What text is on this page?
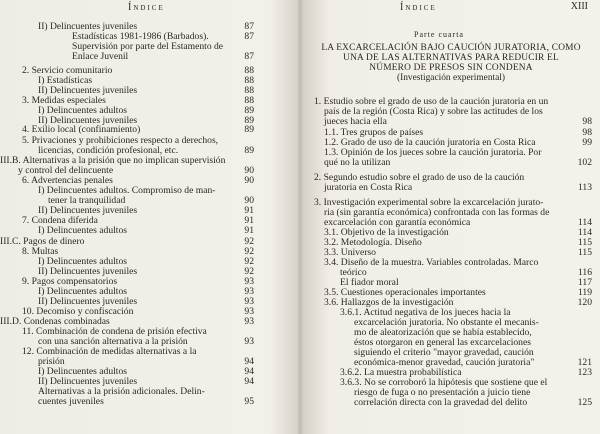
Índice
II) Delincuentes juveniles	87
Estadísticas 1981-1986 (Barbados).	87
Supervisión por parte del Estamento de
Enlace Juvenil	87
2. Servicio comunitario	88
I) Estadísticas	88
II) Delincuentes juveniles	88
3. Medidas especiales	88
I) Delincuentes adultos	89
II) Delincuentes juveniles	89
4. Exilio local (confinamiento)	89
5. Privaciones y prohibiciones respecto a derechos,
licencias, condición profesional, etc.	89
III.B. Alternativas a la prisión que no implican supervisión
y control del delincuente	90
6. Advertencias penales	90
I) Delincuentes adultos. Compromiso de man-
tener la tranquilidad	90
II) Delincuentes juveniles	91
7. Condena diferida	91
I) Delincuentes adultos	91
III.C. Pagos de dinero	92
8. Multas	92
I) Delincuentes adultos	92
II) Delincuentes juveniles	92
9. Pagos compensatorios	93
I) Delincuentes adultos	93
II) Delincuentes juveniles	93
10. Decomiso y confiscación	93
III.D. Condenas combinadas	93
11. Combinación de condena de prisión efectiva
con una sanción alternativa a la prisión	93
12. Combinación de medidas alternativas a la
prisión	94
I) Delincuentes adultos	94
II) Delincuentes juveniles	94
Alternativas a la prisión adicionales. Delin-
cuentes juveniles	95
Índice	XIII
Parte cuarta
LA EXCARCELACIÓN BAJO CAUCIÓN JURATORIA, COMO
UNA DE LAS ALTERNATIVAS PARA REDUCIR EL
NÚMERO DE PRESOS SIN CONDENA
(Investigación experimental)
1. Estudio sobre el grado de uso de la caución juratoria en un
país de la región (Costa Rica) y sobre las actitudes de los
jueces hacia ella	98
1.1. Tres grupos de países	98
1.2. Grado de uso de la caución juratoria en Costa Rica	99
1.3. Opinión de los jueces sobre la caución juratoria. Por
qué no la utilizan	102
2. Segundo estudio sobre el grado de uso de la caución
juratoria en Costa Rica	113
3. Investigación experimental sobre la excarcelación jurato-
ria (sin garantía económica) confrontada con las formas de
excarcelación con garantía económica	114
3.1. Objetivo de la investigación	114
3.2. Metodología. Diseño	115
3.3. Universo	115
3.4. Diseño de la muestra. Variables controladas. Marco
teórico	116
El fiador moral	117
3.5. Cuestiones operacionales importantes	119
3.6. Hallazgos de la investigación	120
3.6.1. Actitud negativa de los jueces hacia la
excarcelación juratoria. No obstante el mecanis-
mo de aleatorización que se había establecido,
éstos otorgaron en general las excarcelaciones
siguiendo el criterio "mayor gravedad, caución
económica-menor gravedad, caución juratoria"	121
3.6.2. La muestra probabilística	123
3.6.3. No se corroboró la hipótesis que sostiene que el
riesgo de fuga o no presentación a juicio tiene
correlación directa con la gravedad del delito	125
